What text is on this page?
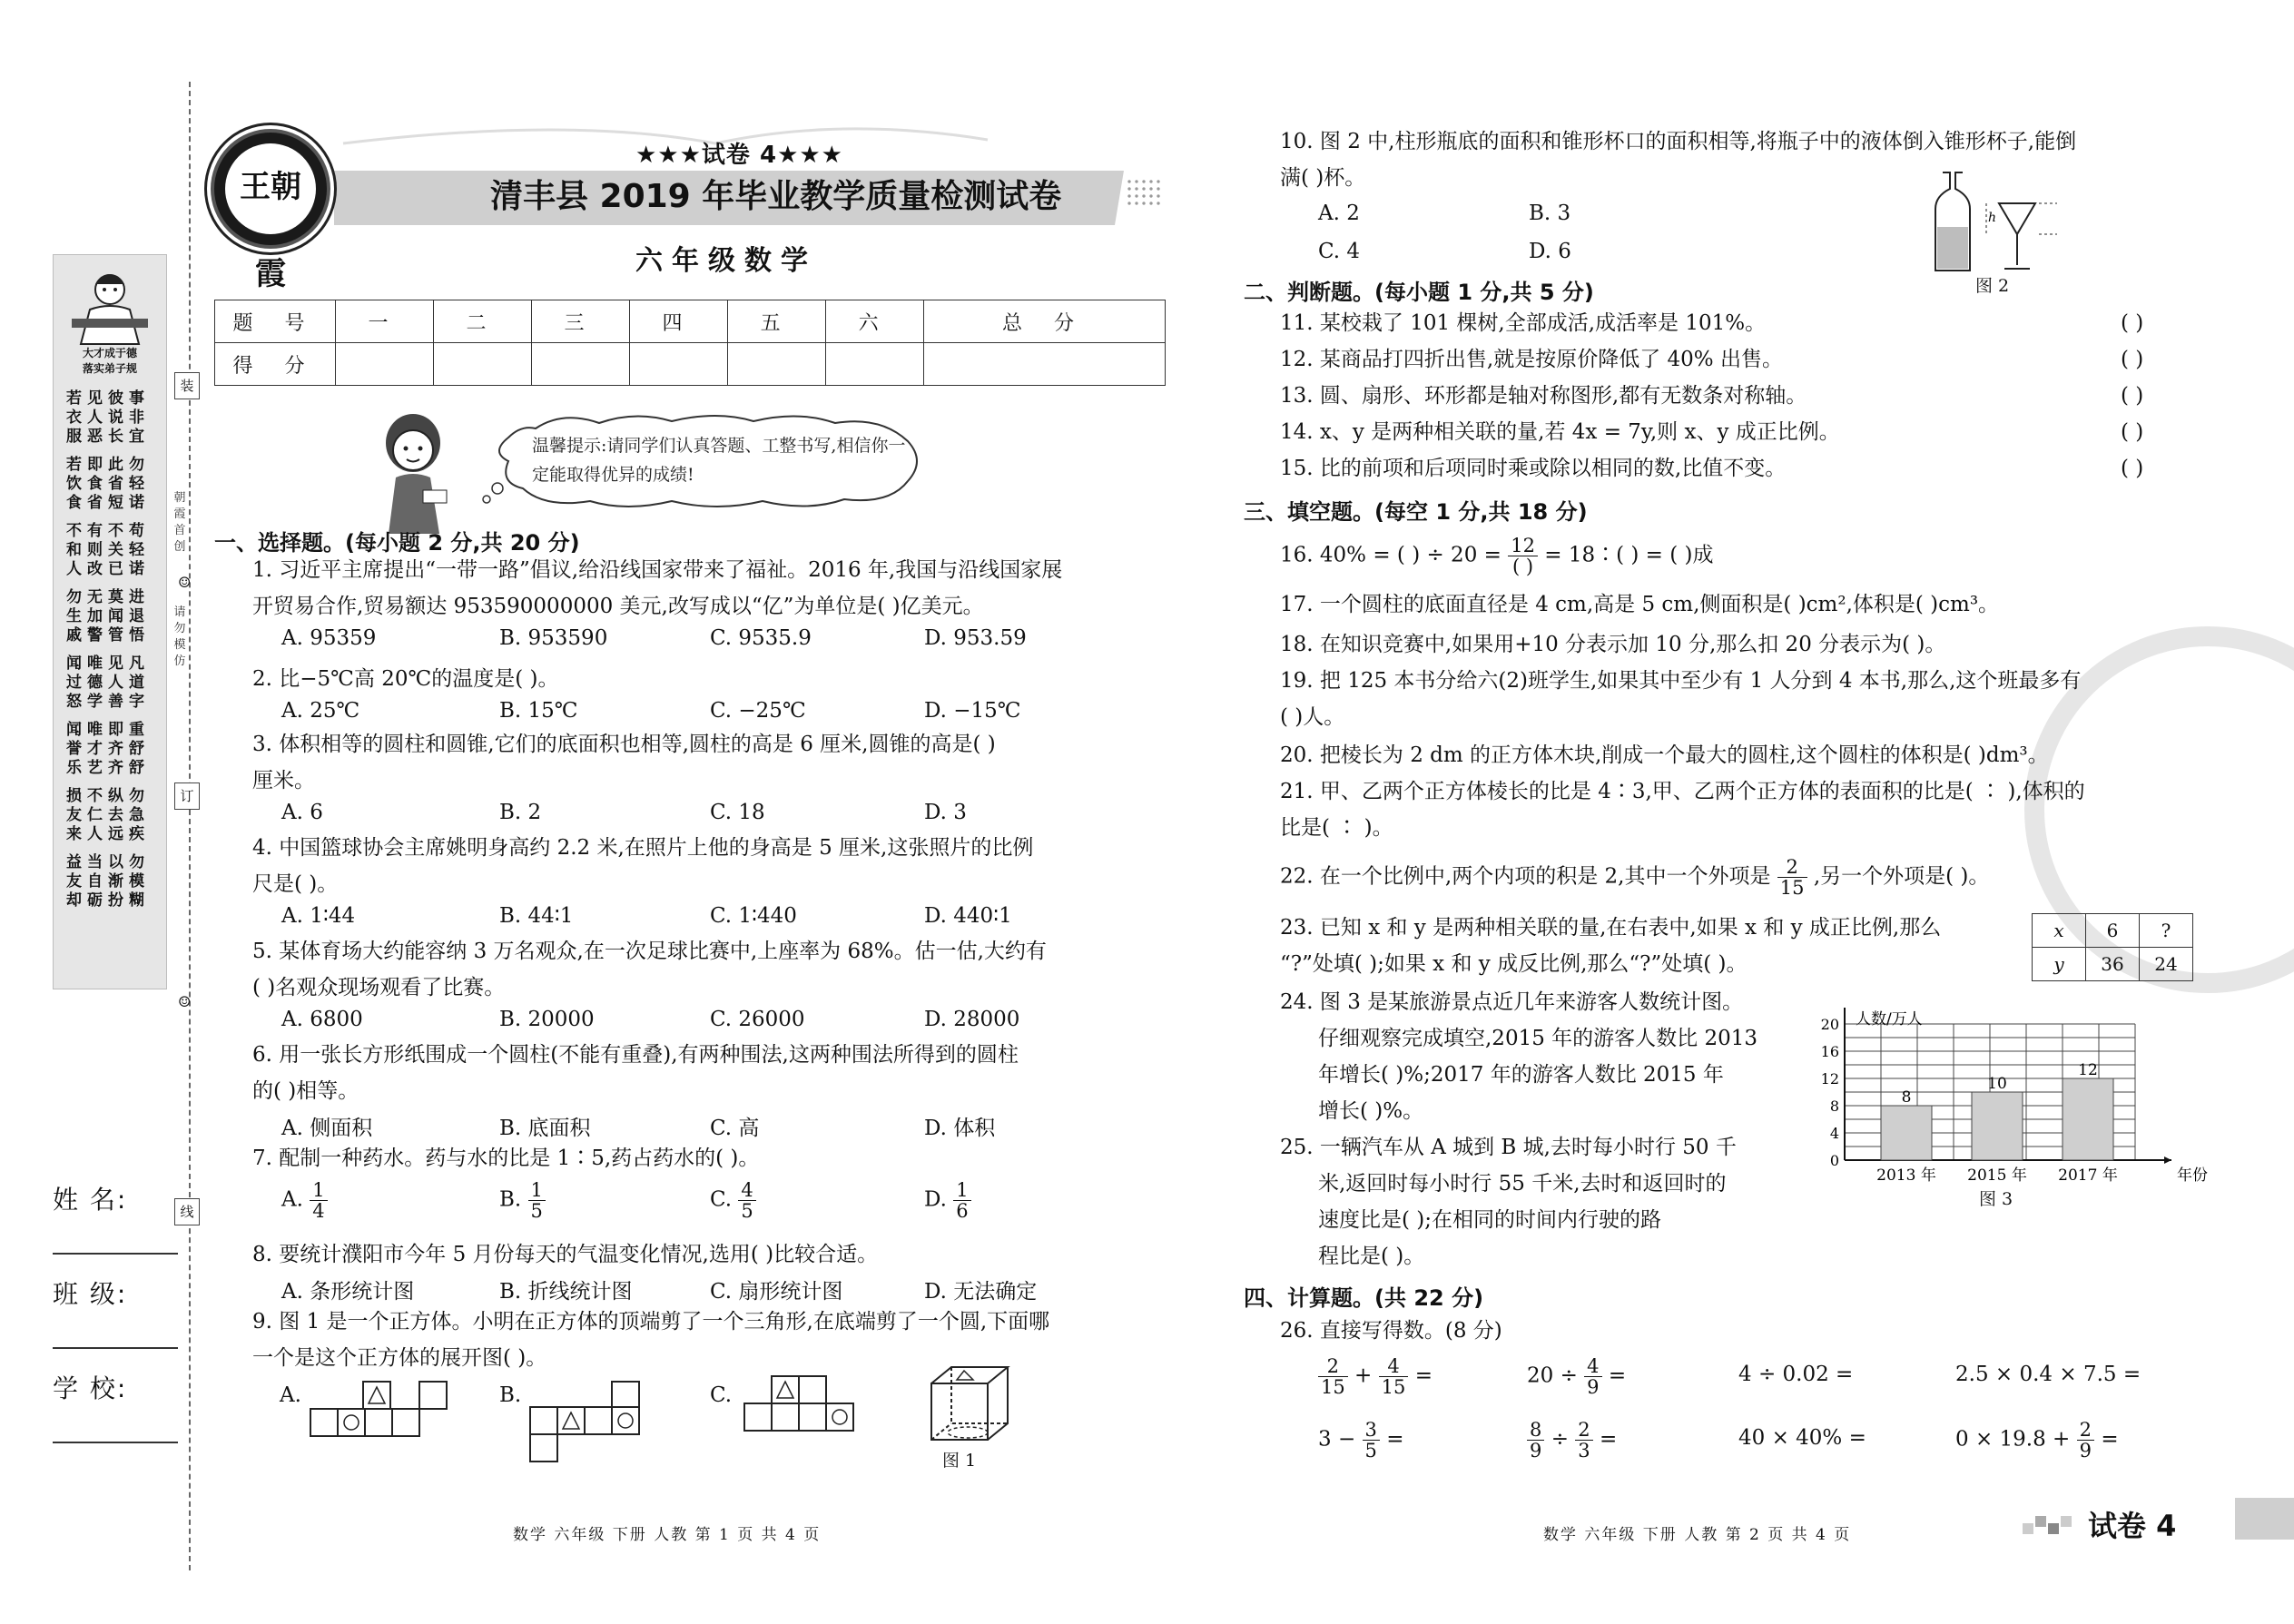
大才成于德
落实弟子规
若见彼事
衣人说非
服恶长宜
若即此勿
饮食省轻
食省短诺
不有不苟
和则关轻
人改已诺
勿无莫进
生加闻退
戚警管悟
闻唯见凡
过德人道
怒学善字
闻唯即重
誉才齐舒
乐艺齐舒
损不纵勿
友仁去急
来人远疾
益当以勿
友自渐模
却砺扮糊
装
朝霞首创
☺
请勿模仿
订
☺
线
姓 名:
班 级:
学 校:
王朝霞
★★★试卷 4★★★
清丰县 2019 年毕业教学质量检测试卷
六年级数学
题 号	一	二	三	四	五	六	总 分
得 分							
温馨提示:请同学们认真答题、工整书写,相信你一定能取得优异的成绩!
一、选择题。(每小题 2 分,共 20 分)
1. 习近平主席提出“一带一路”倡议,给沿线国家带来了福祉。2016 年,我国与沿线国家展
开贸易合作,贸易额达 953590000000 美元,改写成以“亿”为单位是( )亿美元。
A. 95359	B. 953590	C. 9535.9	D. 953.59
2. 比−5℃高 20℃的温度是( )。
A. 25℃	B. 15℃	C. −25℃	D. −15℃
3. 体积相等的圆柱和圆锥,它们的底面积也相等,圆柱的高是 6 厘米,圆锥的高是( )
厘米。
A. 6	B. 2	C. 18	D. 3
4. 中国篮球协会主席姚明身高约 2.2 米,在照片上他的身高是 5 厘米,这张照片的比例
尺是( )。
A. 1∶44	B. 44∶1	C. 1∶440	D. 440∶1
5. 某体育场大约能容纳 3 万名观众,在一次足球比赛中,上座率为 68%。估一估,大约有
( )名观众现场观看了比赛。
A. 6800	B. 20000	C. 26000	D. 28000
6. 用一张长方形纸围成一个圆柱(不能有重叠),有两种围法,这两种围法所得到的圆柱
的( )相等。
A. 侧面积	B. 底面积	C. 高	D. 体积
7. 配制一种药水。药与水的比是 1∶5,药占药水的( )。
A. $\frac{1}{4}$	B. $\frac{1}{5}$	C. $\frac{4}{5}$	D. $\frac{1}{6}$
8. 要统计濮阳市今年 5 月份每天的气温变化情况,选用( )比较合适。
A. 条形统计图	B. 折线统计图	C. 扇形统计图	D. 无法确定
9. 图 1 是一个正方体。小明在正方体的顶端剪了一个三角形,在底端剪了一个圆,下面哪
一个是这个正方体的展开图( )。
A.	B.	C.
图 1
10. 图 2 中,柱形瓶底的面积和锥形杯口的面积相等,将瓶子中的液体倒入锥形杯子,能倒
满( )杯。
A. 2	B. 3
C. 4	D. 6
h
图 2
二、判断题。(每小题 1 分,共 5 分)
11. 某校栽了 101 棵树,全部成活,成活率是 101%。	( )
12. 某商品打四折出售,就是按原价降低了 40% 出售。	( )
13. 圆、扇形、环形都是轴对称图形,都有无数条对称轴。	( )
14. x、y 是两种相关联的量,若 4x = 7y,则 x、y 成正比例。	( )
15. 比的前项和后项同时乘或除以相同的数,比值不变。	( )
三、填空题。(每空 1 分,共 18 分)
16. 40% = ( ) ÷ $20 = \frac{12}{( )}$ = 18∶( ) = ( )成
17. 一个圆柱的底面直径是 4 cm,高是 5 cm,侧面积是( )cm²,体积是( )cm³。
18. 在知识竞赛中,如果用+10 分表示加 10 分,那么扣 20 分表示为( )。
19. 把 125 本书分给六(2)班学生,如果其中至少有 1 人分到 4 本书,那么,这个班最多有
( )人。
20. 把棱长为 2 dm 的正方体木块,削成一个最大的圆柱,这个圆柱的体积是( )dm³。
21. 甲、乙两个正方体棱长的比是 4∶3,甲、乙两个正方体的表面积的比是( ∶ ),体积的
比是( ∶ )。
22. 在一个比例中,两个内项的积是 2,其中一个外项是 $\frac{2}{15}$ ,另一个外项是( )。
23. 已知 x 和 y 是两种相关联的量,在右表中,如果 x 和 y 成正比例,那么
“?”处填( );如果 x 和 y 成反比例,那么“?”处填( )。
x	6	?
y	36	24
24. 图 3 是某旅游景点近几年来游客人数统计图。
仔细观察完成填空,2015 年的游客人数比 2013
年增长( )%;2017 年的游客人数比 2015 年
增长( )%。
25. 一辆汽车从 A 城到 B 城,去时每小时行 50 千
米,返回时每小时行 55 千米,去时和返回时的
速度比是( );在相同的时间内行驶的路
程比是( )。
0
4
8
12
16
20 人数/万人
年份
8
2013 年
10
2015 年
12
2017 年
图 3
四、计算题。(共 22 分)
26. 直接写得数。(8 分)
$\frac{2}{15} + \frac{4}{15}$ =	$20 \div \frac{4}{9}$ =	4 ÷ 0.02 =	2.5 × 0.4 × 7.5 =
$3 - \frac{3}{5}$ =	$\frac{8}{9} \div \frac{2}{3}$ =	40 × 40% =	$0 \times 19.8 + \frac{2}{9}$ =
数学 六年级 下册 人教 第 1 页 共 4 页	数学 六年级 下册 人教 第 2 页 共 4 页	试卷 4
